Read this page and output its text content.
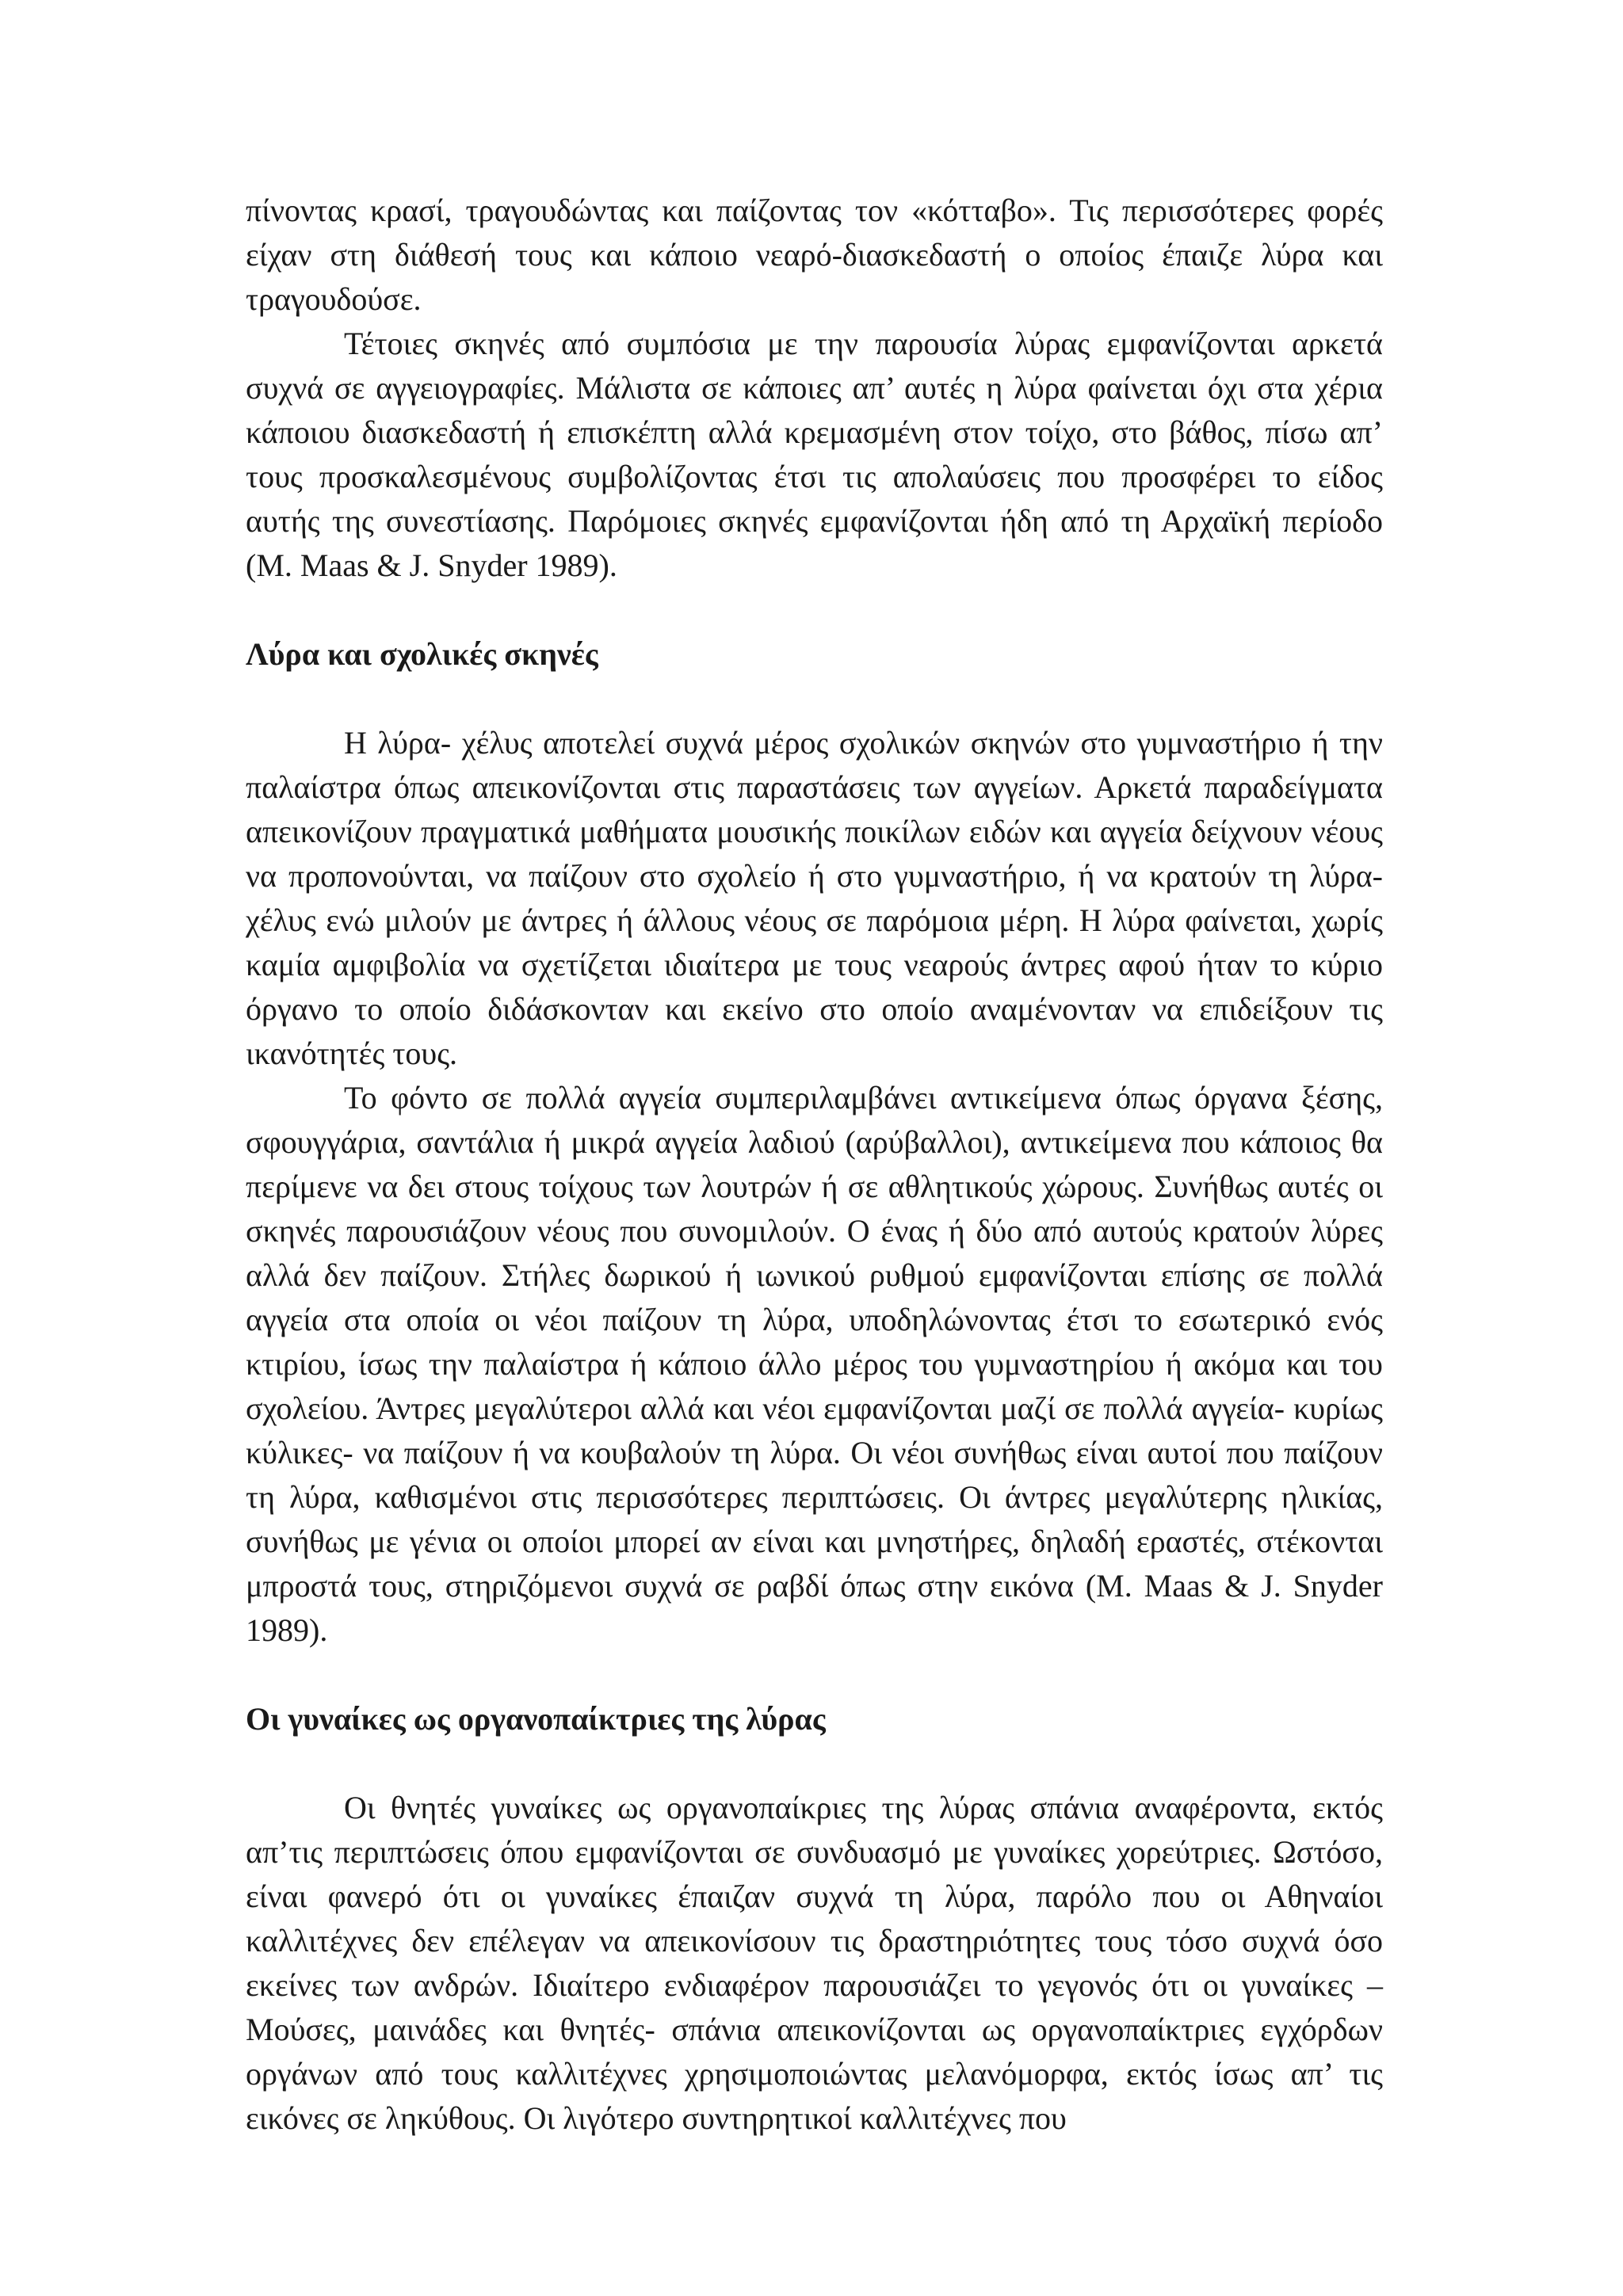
πίνοντας κρασί, τραγουδώντας και παίζοντας τον «κότταβο». Τις περισσότερες φορές είχαν στη διάθεσή τους και κάποιο νεαρό-διασκεδαστή ο οποίος έπαιζε λύρα και τραγουδούσε.

Τέτοιες σκηνές από συμπόσια με την παρουσία λύρας εμφανίζονται αρκετά συχνά σε αγγειογραφίες. Μάλιστα σε κάποιες απ’ αυτές η λύρα φαίνεται όχι στα χέρια κάποιου διασκεδαστή ή επισκέπτη αλλά κρεμασμένη στον τοίχο, στο βάθος, πίσω απ’ τους προσκαλεσμένους συμβολίζοντας έτσι τις απολαύσεις που προσφέρει το είδος αυτής της συνεστίασης. Παρόμοιες σκηνές εμφανίζονται ήδη από τη Αρχαϊκή περίοδο (M. Maas & J. Snyder 1989).

Λύρα και σχολικές σκηνές

Η λύρα- χέλυς αποτελεί συχνά μέρος σχολικών σκηνών στο γυμναστήριο ή την παλαίστρα όπως απεικονίζονται στις παραστάσεις των αγγείων. Αρκετά παραδείγματα απεικονίζουν πραγματικά μαθήματα μουσικής ποικίλων ειδών και αγγεία δείχνουν νέους να προπονούνται, να παίζουν στο σχολείο ή στο γυμναστήριο, ή να κρατούν τη λύρα- χέλυς ενώ μιλούν με άντρες ή άλλους νέους σε παρόμοια μέρη. Η λύρα φαίνεται, χωρίς καμία αμφιβολία να σχετίζεται ιδιαίτερα με τους νεαρούς άντρες αφού ήταν το κύριο όργανο το οποίο διδάσκονταν και εκείνο στο οποίο αναμένονταν να επιδείξουν τις ικανότητές τους.

Το φόντο σε πολλά αγγεία συμπεριλαμβάνει αντικείμενα όπως όργανα ξέσης, σφουγγάρια, σαντάλια ή μικρά αγγεία λαδιού (αρύβαλλοι), αντικείμενα που κάποιος θα περίμενε να δει στους τοίχους των λουτρών ή σε αθλητικούς χώρους. Συνήθως αυτές οι σκηνές παρουσιάζουν νέους που συνομιλούν. Ο ένας ή δύο από αυτούς κρατούν λύρες αλλά δεν παίζουν. Στήλες δωρικού ή ιωνικού ρυθμού εμφανίζονται επίσης σε πολλά αγγεία στα οποία οι νέοι παίζουν τη λύρα, υποδηλώνοντας έτσι το εσωτερικό ενός κτιρίου, ίσως την παλαίστρα ή κάποιο άλλο μέρος του γυμναστηρίου ή ακόμα και του σχολείου. Άντρες μεγαλύτεροι αλλά και νέοι εμφανίζονται μαζί σε πολλά αγγεία- κυρίως κύλικες- να παίζουν ή να κουβαλούν τη λύρα. Οι νέοι συνήθως είναι αυτοί που παίζουν τη λύρα, καθισμένοι στις περισσότερες περιπτώσεις. Οι άντρες μεγαλύτερης ηλικίας, συνήθως με γένια οι οποίοι μπορεί αν είναι και μνηστήρες, δηλαδή εραστές, στέκονται μπροστά τους, στηριζόμενοι συχνά σε ραβδί όπως στην εικόνα (M. Maas & J. Snyder 1989).

Οι γυναίκες ως οργανοπαίκτριες της λύρας

Οι θνητές γυναίκες ως οργανοπαίκριες της λύρας σπάνια αναφέροντα, εκτός απ’τις περιπτώσεις όπου εμφανίζονται σε συνδυασμό με γυναίκες χορεύτριες. Ωστόσο, είναι φανερό ότι οι γυναίκες έπαιζαν συχνά τη λύρα, παρόλο που οι Αθηναίοι καλλιτέχνες δεν επέλεγαν να απεικονίσουν τις δραστηριότητες τους τόσο συχνά όσο εκείνες των ανδρών. Ιδιαίτερο ενδιαφέρον παρουσιάζει το γεγονός ότι οι γυναίκες – Μούσες, μαινάδες και θνητές- σπάνια απεικονίζονται ως οργανοπαίκτριες εγχόρδων οργάνων από τους καλλιτέχνες χρησιμοποιώντας μελανόμορφα, εκτός ίσως απ’ τις εικόνες σε ληκύθους. Οι λιγότερο συντηρητικοί καλλιτέχνες που
